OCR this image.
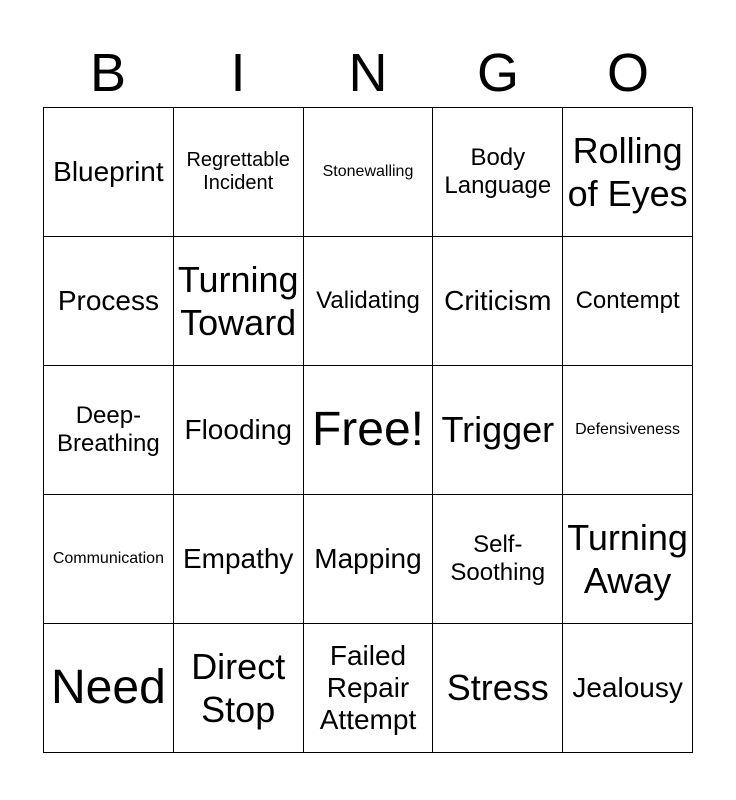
B	I	N	G	O
Blueprint	Regrettable Incident	Stonewalling	Body Language	Rolling of Eyes
Process	Turning Toward	Validating	Criticism	Contempt
Deep-Breathing	Flooding	Free!	Trigger	Defensiveness
Communication	Empathy	Mapping	Self-Soothing	Turning Away
Need	Direct Stop	Failed Repair Attempt	Stress	Jealousy
